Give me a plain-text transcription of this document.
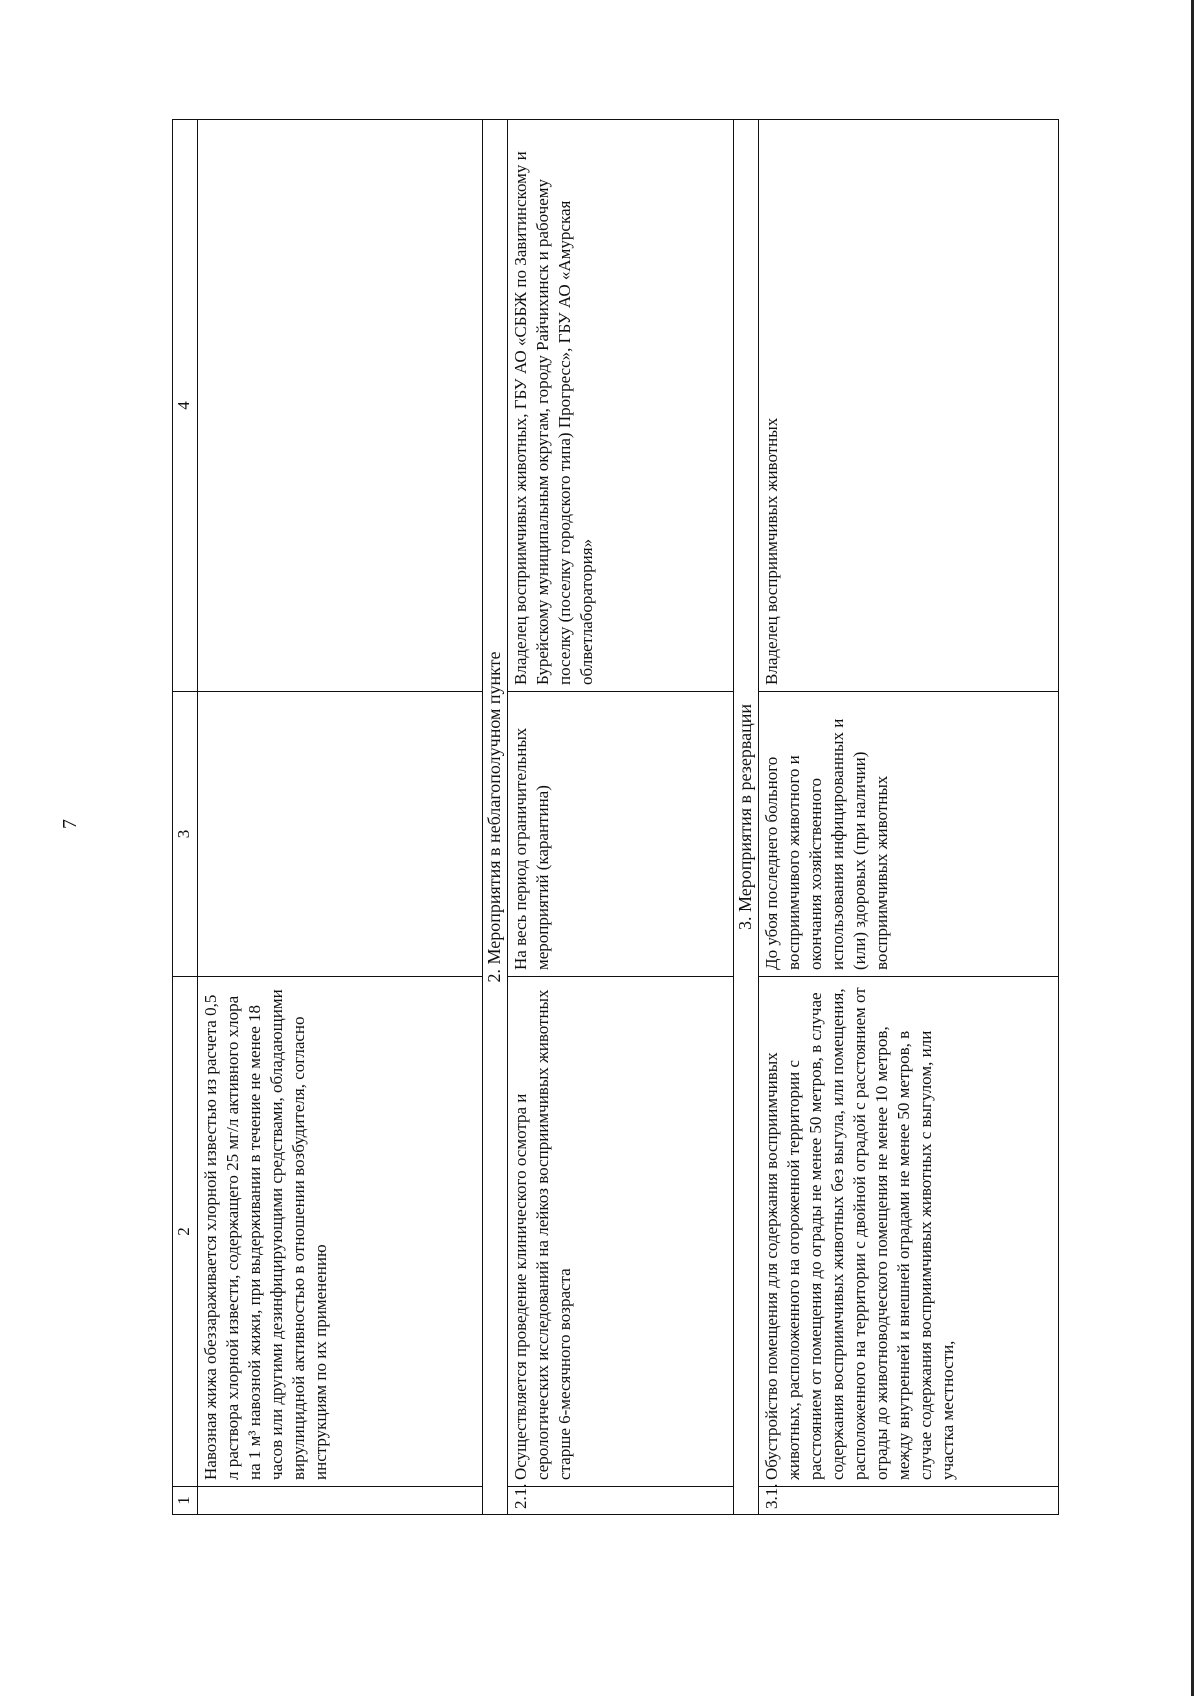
7
1	2	3	4
	Навозная жижа обеззараживается хлорной известью из расчета 0,5 л раствора хлорной извести, содержащего 25 мг/л активного хлора на 1 м³ навозной жижи, при выдерживании в течение не менее 18 часов или другими дезинфицирующими средствами, обладающими вирулицидной активностью в отношении возбудителя, согласно инструкциям по их применению		
2. Мероприятия в неблагополучном пункте			
2.1.	Осуществляется проведение клинического осмотра и серологических исследований на лейкоз восприимчивых животных старше 6-месячного возраста	На весь период ограничительных мероприятий (карантина)	Владелец восприимчивых животных, ГБУ АО «СББЖ по Завитинскому и Бурейскому муниципальным округам, городу Райчихинск и рабочему поселку (поселку городского типа) Прогресс», ГБУ АО «Амурская облветлаборатория»
3. Мероприятия в резервации			
3.1.	Обустройство помещения для содержания восприимчивых животных, расположенного на огороженной территории с расстоянием от помещения до ограды не менее 50 метров, в случае содержания восприимчивых животных без выгула, или помещения, расположенного на территории с двойной оградой с расстоянием от ограды до животноводческого помещения не менее 10 метров, между внутренней и внешней оградами не менее 50 метров, в случае содержания восприимчивых животных с выгулом, или участка местности,	До убоя последнего больного восприимчивого животного и окончания хозяйственного использования инфицированных и (или) здоровых (при наличии) восприимчивых животных	Владелец восприимчивых животных
